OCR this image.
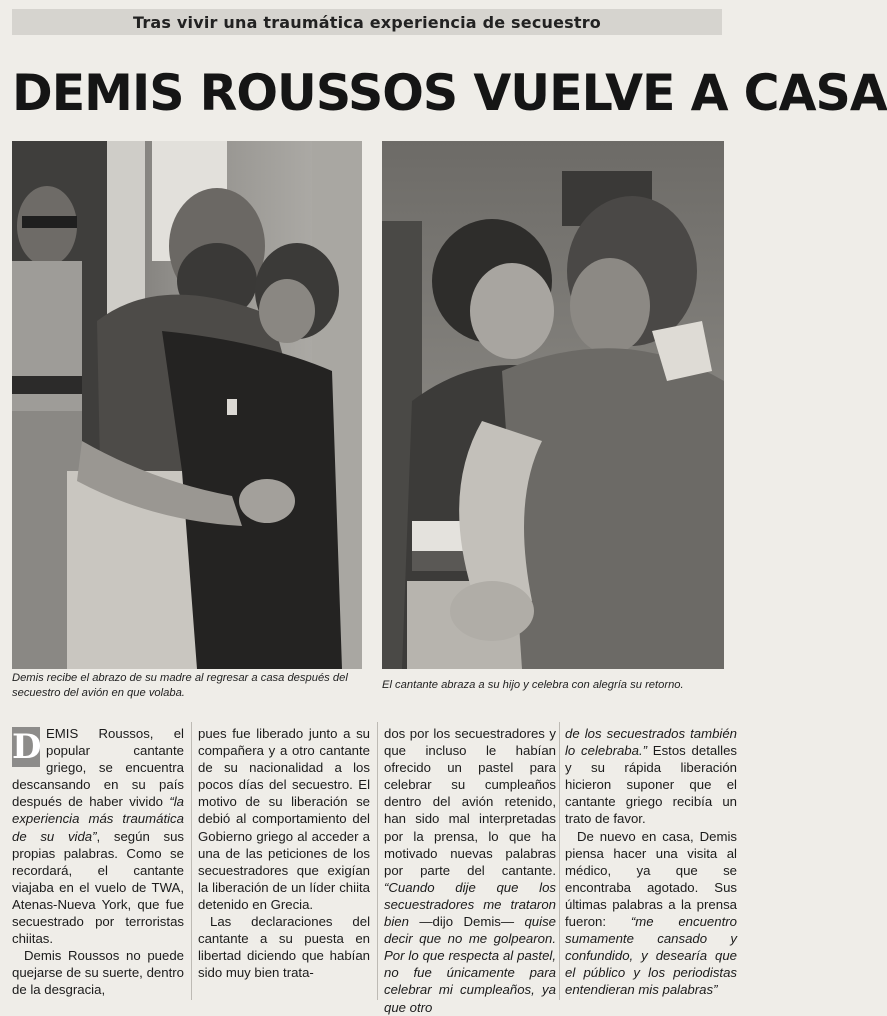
Tras vivir una traumática experiencia de secuestro
DEMIS ROUSSOS VUELVE A CASA
Demis recibe el abrazo de su madre al regresar a casa después del secuestro del avión en que volaba.
El cantante abraza a su hijo y celebra con alegría su retorno.

D EMIS Roussos, el popular cantante griego, se encuentra descansando en su país después de haber vivido “la experiencia más traumática de su vida”, según sus propias palabras. Como se recordará, el cantante viajaba en el vuelo de TWA, Atenas-Nueva York, que fue secuestrado por terroristas chiitas.

Demis Roussos no puede quejarse de su suerte, dentro de la desgracia,

pues fue liberado junto a su compañera y a otro cantante de su nacionalidad a los pocos días del secuestro. El motivo de su liberación se debió al comportamiento del Gobierno griego al acceder a una de las peticiones de los secuestradores que exigían la liberación de un líder chiita detenido en Grecia.

Las declaraciones del cantante a su puesta en libertad diciendo que habían sido muy bien trata-

dos por los secuestradores y que incluso le habían ofrecido un pastel para celebrar su cumpleaños dentro del avión retenido, han sido mal interpretadas por la prensa, lo que ha motivado nuevas palabras por parte del cantante. “Cuando dije que los secuestradores me trataron bien —dijo Demis— quise decir que no me golpearon. Por lo que respecta al pastel, no fue únicamente para celebrar mi cumpleaños, ya que otro

de los secuestrados también lo celebraba.” Estos detalles y su rápida liberación hicieron suponer que el cantante griego recibía un trato de favor.

De nuevo en casa, Demis piensa hacer una visita al médico, ya que se encontraba agotado. Sus últimas palabras a la prensa fueron: “me encuentro sumamente cansado y confundido, y desearía que el público y los periodistas entendieran mis palabras”
